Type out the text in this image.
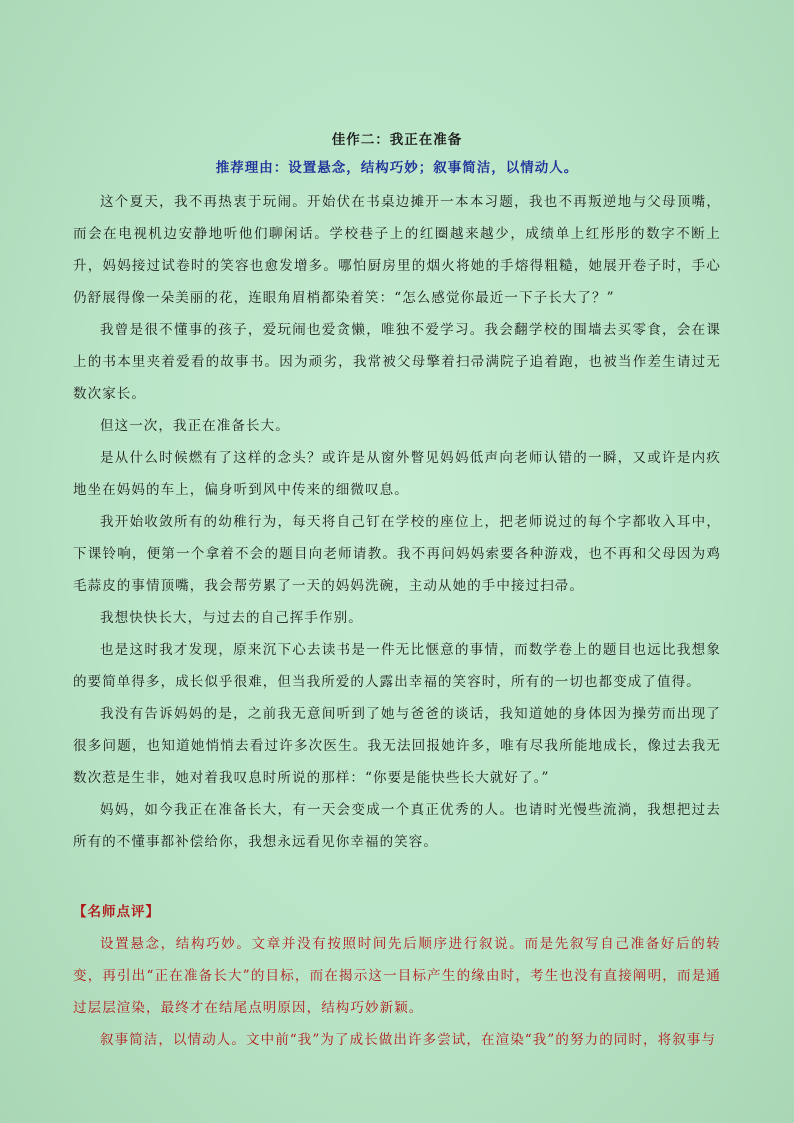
佳作二：我正在准备
推荐理由：设置悬念，结构巧妙；叙事简洁，以情动人。

这个夏天，我不再热衷于玩闹。开始伏在书桌边摊开一本本习题，我也不再叛逆地与父母顶嘴，而会在电视机边安静地听他们聊闲话。学校巷子上的红圈越来越少，成绩单上红彤彤的数字不断上升，妈妈接过试卷时的笑容也愈发增多。哪怕厨房里的烟火将她的手熔得粗糙，她展开卷子时，手心仍舒展得像一朵美丽的花，连眼角眉梢都染着笑：“怎么感觉你最近一下子长大了？”

我曾是很不懂事的孩子，爱玩闹也爱贪懒，唯独不爱学习。我会翻学校的围墙去买零食，会在课上的书本里夹着爱看的故事书。因为顽劣，我常被父母擎着扫帚满院子追着跑，也被当作差生请过无数次家长。

但这一次，我正在准备长大。

是从什么时候燃有了这样的念头？或许是从窗外瞥见妈妈低声向老师认错的一瞬，又或许是内疚地坐在妈妈的车上，偏身听到风中传来的细微叹息。

我开始收敛所有的幼稚行为，每天将自己钉在学校的座位上，把老师说过的每个字都收入耳中，下课铃响，便第一个拿着不会的题目向老师请教。我不再问妈妈索要各种游戏，也不再和父母因为鸡毛蒜皮的事情顶嘴，我会帮劳累了一天的妈妈洗碗，主动从她的手中接过扫帚。

我想快快长大，与过去的自己挥手作别。

也是这时我才发现，原来沉下心去读书是一件无比惬意的事情，而数学卷上的题目也远比我想象的要简单得多，成长似乎很难，但当我所爱的人露出幸福的笑容时，所有的一切也都变成了值得。

我没有告诉妈妈的是，之前我无意间听到了她与爸爸的谈话，我知道她的身体因为操劳而出现了很多问题，也知道她悄悄去看过许多次医生。我无法回报她许多，唯有尽我所能地成长，像过去我无数次惹是生非，她对着我叹息时所说的那样：“你要是能快些长大就好了。”

妈妈，如今我正在准备长大，有一天会变成一个真正优秀的人。也请时光慢些流淌，我想把过去所有的不懂事都补偿给你，我想永远看见你幸福的笑容。

【名师点评】

设置悬念，结构巧妙。文章并没有按照时间先后顺序进行叙说。而是先叙写自己准备好后的转变，再引出“正在准备长大”的目标，而在揭示这一目标产生的缘由时，考生也没有直接阐明，而是通过层层渲染，最终才在结尾点明原因，结构巧妙新颖。

叙事简洁，以情动人。文中前“我”为了成长做出许多尝试，在渲染“我”的努力的同时，将叙事与
